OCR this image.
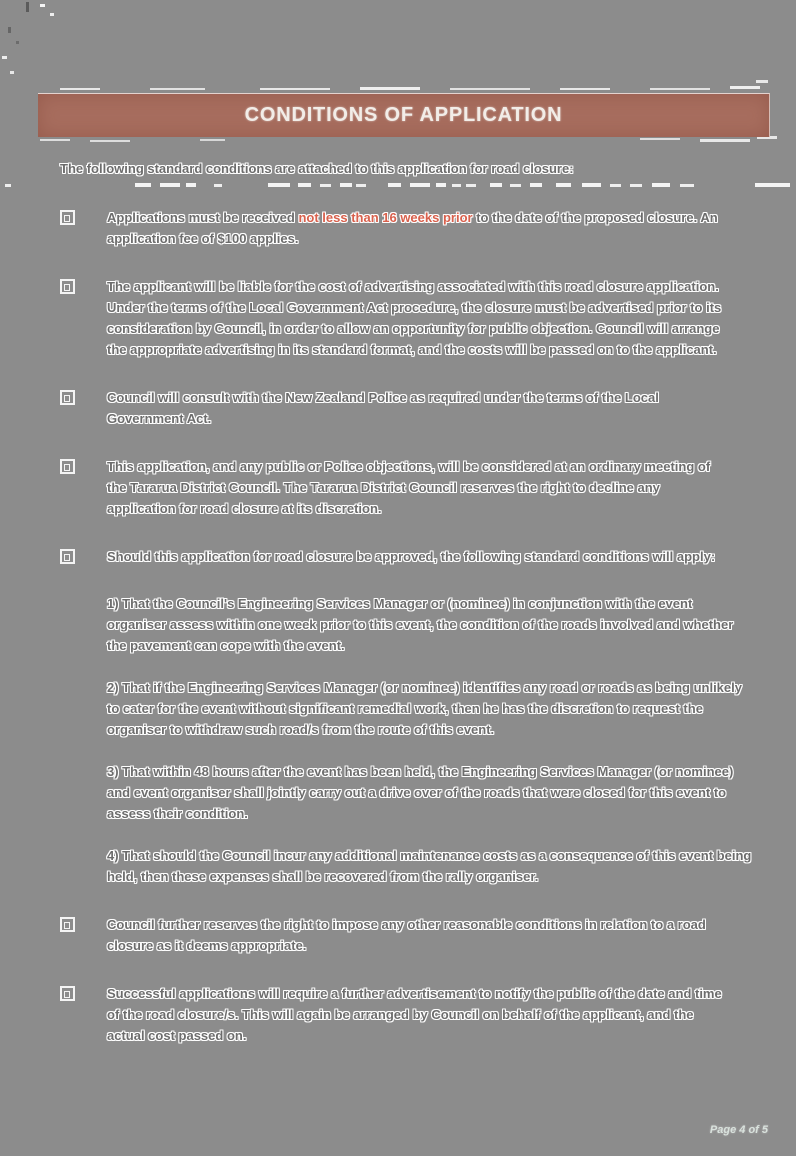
CONDITIONS OF APPLICATION

The following standard conditions are attached to this application for road closure:

Applications must be received not less than 16 weeks prior to the date of the proposed closure. An application fee of $100 applies.

The applicant will be liable for the cost of advertising associated with this road closure application. Under the terms of the Local Government Act procedure, the closure must be advertised prior to its consideration by Council, in order to allow an opportunity for public objection. Council will arrange the appropriate advertising in its standard format, and the costs will be passed on to the applicant.

Council will consult with the New Zealand Police as required under the terms of the Local Government Act.

This application, and any public or Police objections, will be considered at an ordinary meeting of the Tararua District Council. The Tararua District Council reserves the right to decline any application for road closure at its discretion.

Should this application for road closure be approved, the following standard conditions will apply:

1) That the Council's Engineering Services Manager or (nominee) in conjunction with the event organiser assess within one week prior to this event, the condition of the roads involved and whether the pavement can cope with the event.

2) That if the Engineering Services Manager (or nominee) identifies any road or roads as being unlikely to cater for the event without significant remedial work, then he has the discretion to request the organiser to withdraw such road/s from the route of this event.

3) That within 48 hours after the event has been held, the Engineering Services Manager (or nominee) and event organiser shall jointly carry out a drive over of the roads that were closed for this event to assess their condition.

4) That should the Council incur any additional maintenance costs as a consequence of this event being held, then these expenses shall be recovered from the rally organiser.

Council further reserves the right to impose any other reasonable conditions in relation to a road closure as it deems appropriate.

Successful applications will require a further advertisement to notify the public of the date and time of the road closure/s. This will again be arranged by Council on behalf of the applicant, and the actual cost passed on.

Page 4 of 5
